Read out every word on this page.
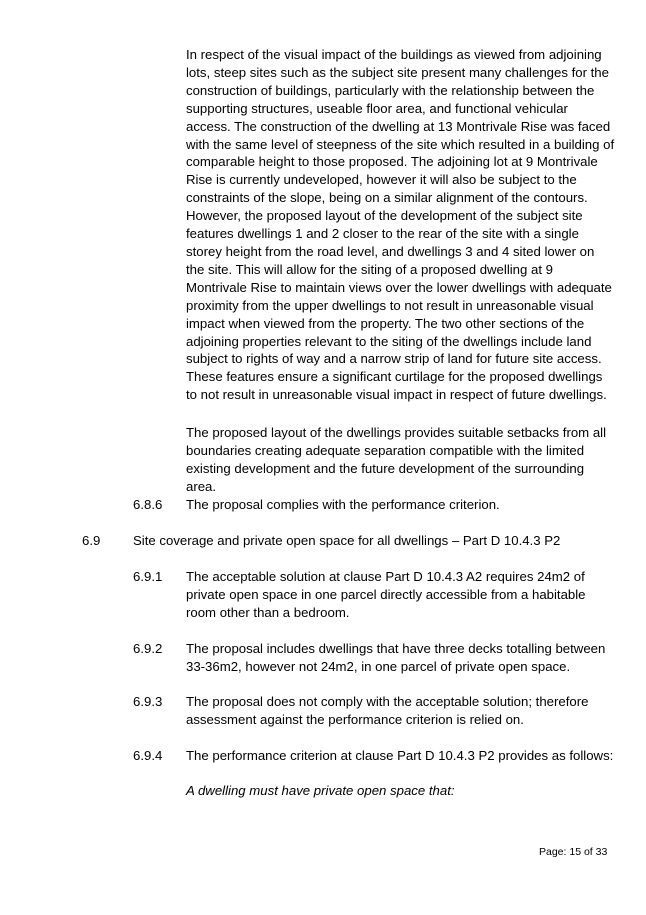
In respect of the visual impact of the buildings as viewed from adjoining lots, steep sites such as the subject site present many challenges for the construction of buildings, particularly with the relationship between the supporting structures, useable floor area, and functional vehicular access. The construction of the dwelling at 13 Montrivale Rise was faced with the same level of steepness of the site which resulted in a building of comparable height to those proposed. The adjoining lot at 9 Montrivale Rise is currently undeveloped, however it will also be subject to the constraints of the slope, being on a similar alignment of the contours. However, the proposed layout of the development of the subject site features dwellings 1 and 2 closer to the rear of the site with a single storey height from the road level, and dwellings 3 and 4 sited lower on the site. This will allow for the siting of a proposed dwelling at 9 Montrivale Rise to maintain views over the lower dwellings with adequate proximity from the upper dwellings to not result in unreasonable visual impact when viewed from the property. The two other sections of the adjoining properties relevant to the siting of the dwellings include land subject to rights of way and a narrow strip of land for future site access. These features ensure a significant curtilage for the proposed dwellings to not result in unreasonable visual impact in respect of future dwellings.

The proposed layout of the dwellings provides suitable setbacks from all boundaries creating adequate separation compatible with the limited existing development and the future development of the surrounding area.

6.8.6 The proposal complies with the performance criterion.

6.9 Site coverage and private open space for all dwellings – Part D 10.4.3 P2

6.9.1 The acceptable solution at clause Part D 10.4.3 A2 requires 24m2 of private open space in one parcel directly accessible from a habitable room other than a bedroom.

6.9.2 The proposal includes dwellings that have three decks totalling between 33-36m2, however not 24m2, in one parcel of private open space.

6.9.3 The proposal does not comply with the acceptable solution; therefore assessment against the performance criterion is relied on.

6.9.4 The performance criterion at clause Part D 10.4.3 P2 provides as follows:

A dwelling must have private open space that:

Page: 15 of 33
